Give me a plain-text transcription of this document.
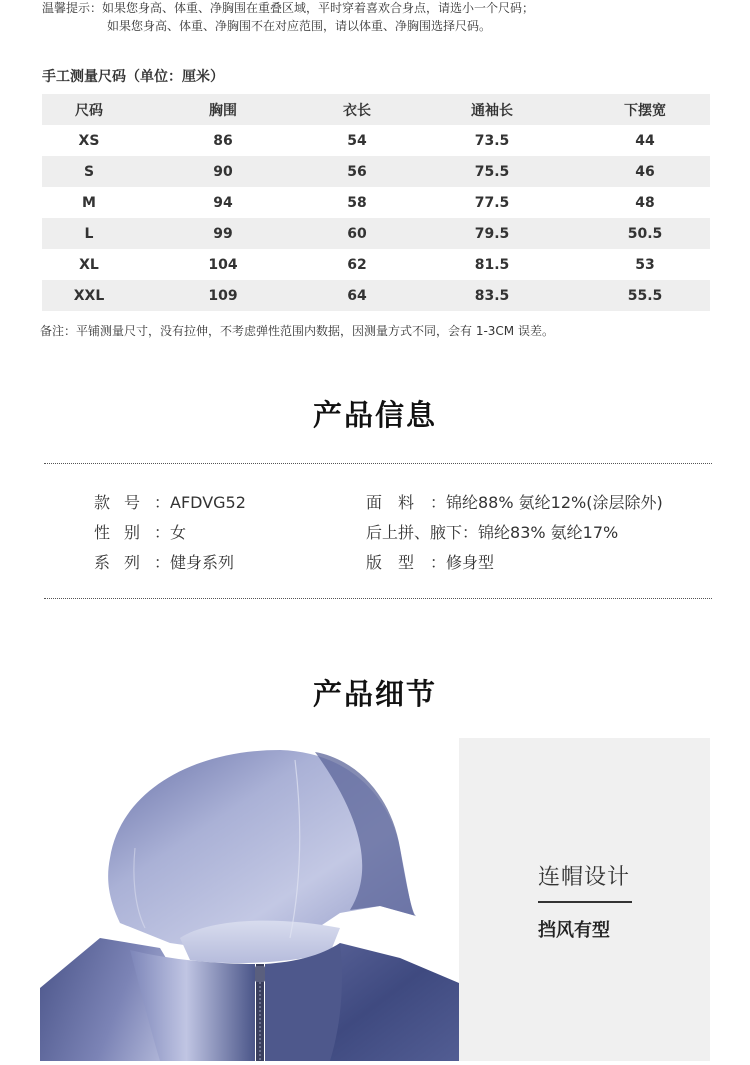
温馨提示：如果您身高、体重、净胸围在重叠区域，平时穿着喜欢合身点，请选小一个尺码；
如果您身高、体重、净胸围不在对应范围，请以体重、净胸围选择尺码。
手工测量尺码（单位：厘米）
尺码	胸围	衣长	通袖长	下摆宽
XS	86	54	73.5	44
S	90	56	75.5	46
M	94	58	77.5	48
L	99	60	79.5	50.5
XL	104	62	81.5	53
XXL	109	64	83.5	55.5
备注：平铺测量尺寸，没有拉伸，不考虑弹性范围内数据，因测量方式不同，会有 1-3CM 误差。
产品信息
款 号 ： AFDVG52
性 别 ： 女
系 列 ： 健身系列
面 料 ： 锦纶88% 氨纶12%(涂层除外)
后上拼、腋下：锦纶83% 氨纶17%
版 型 ： 修身型
产品细节
连帽设计
挡风有型
